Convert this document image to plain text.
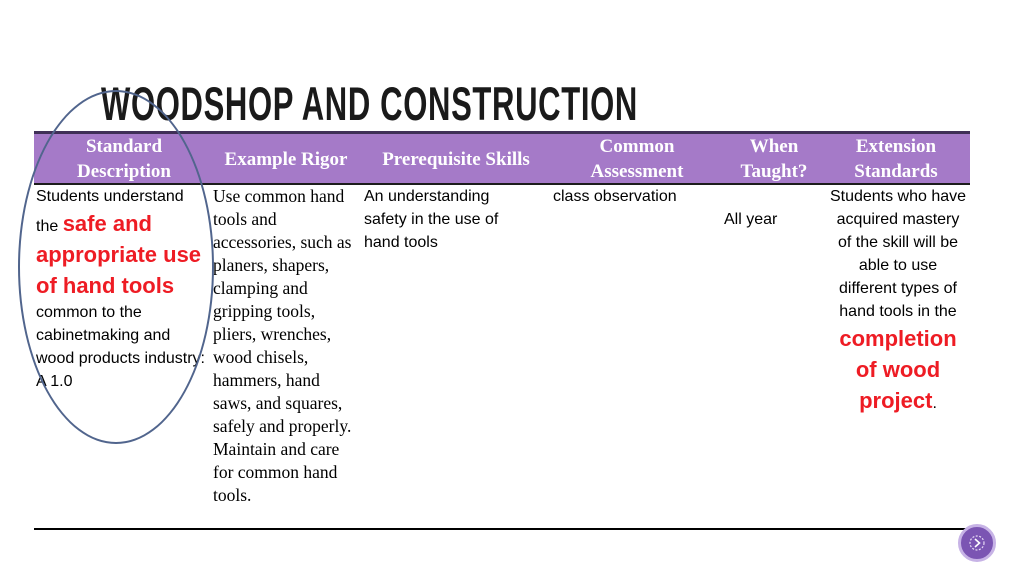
WOODSHOP AND CONSTRUCTION
Standard Description
Example Rigor	Prerequisite Skills
Common Assessment
When Taught?
Extension Standards
Students understand
the safe and appropriate use of hand tools
common to the cabinetmaking and wood products industry: A 1.0
Use common hand tools and accessories, such as planers, shapers, clamping and gripping tools, pliers, wrenches, wood chisels, hammers, hand saws, and squares, safely and properly. Maintain and care for common hand tools.
An understanding safety in the use of hand tools
class observation
All year
Students who have acquired mastery of the skill will be able to use different types of hand tools in the
completion of wood project.
